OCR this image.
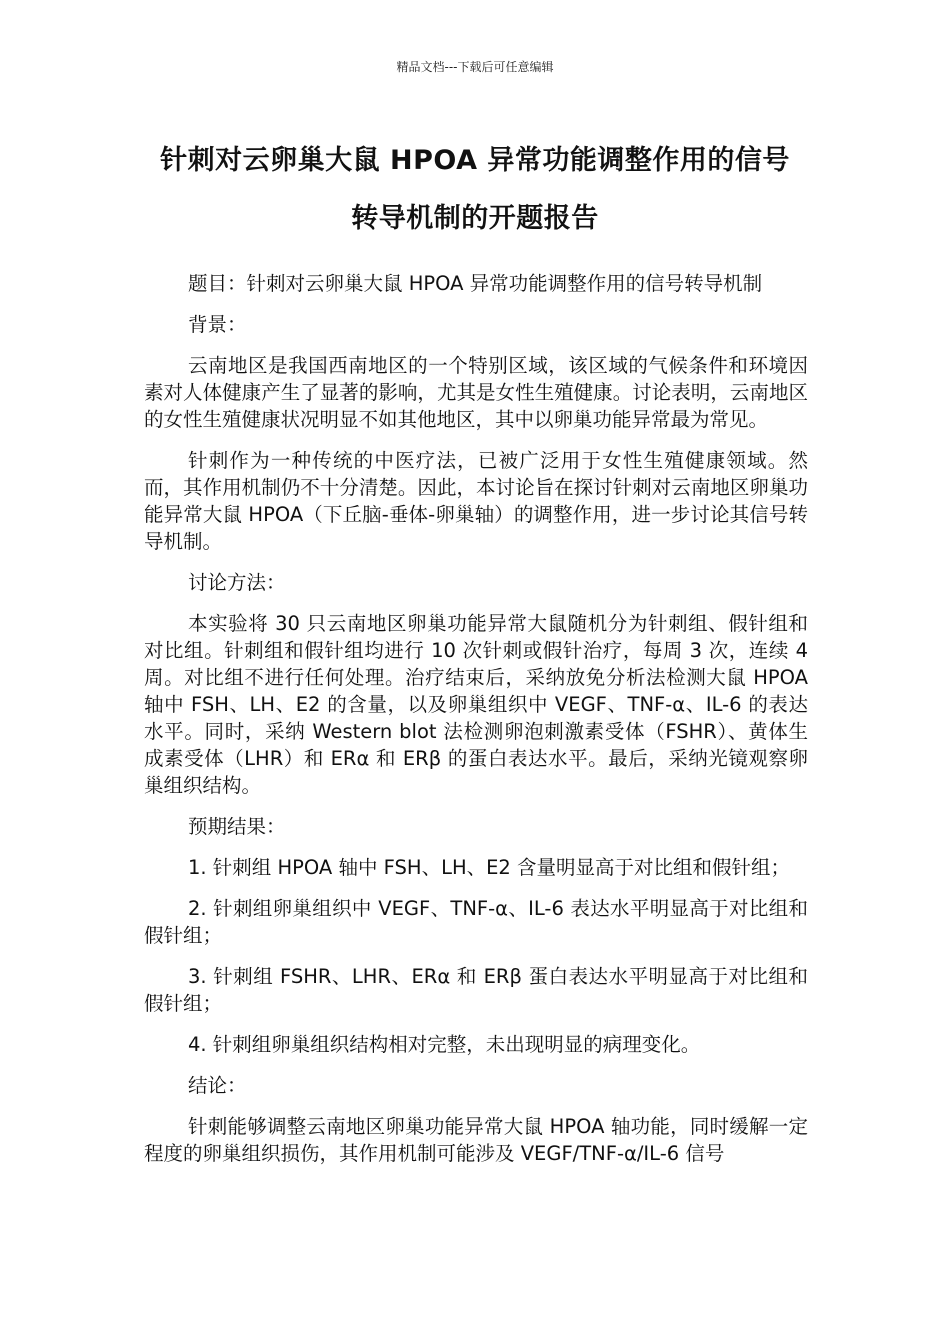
精品文档---下载后可任意编辑
针刺对云卵巢大鼠 HPOA 异常功能调整作用的信号
转导机制的开题报告

题目：针刺对云卵巢大鼠 HPOA 异常功能调整作用的信号转导机制

背景：

云南地区是我国西南地区的一个特别区域，该区域的气候条件和环境因素对人体健康产生了显著的影响，尤其是女性生殖健康。讨论表明，云南地区的女性生殖健康状况明显不如其他地区，其中以卵巢功能异常最为常见。

针刺作为一种传统的中医疗法，已被广泛用于女性生殖健康领域。然而，其作用机制仍不十分清楚。因此，本讨论旨在探讨针刺对云南地区卵巢功能异常大鼠 HPOA（下丘脑-垂体-卵巢轴）的调整作用，进一步讨论其信号转导机制。

讨论方法：

本实验将 30 只云南地区卵巢功能异常大鼠随机分为针刺组、假针组和对比组。针刺组和假针组均进行 10 次针刺或假针治疗，每周 3 次，连续 4 周。对比组不进行任何处理。治疗结束后，采纳放免分析法检测大鼠 HPOA 轴中 FSH、LH、E2 的含量，以及卵巢组织中 VEGF、TNF-α、IL-6 的表达水平。同时，采纳 Western blot 法检测卵泡刺激素受体（FSHR）、黄体生成素受体（LHR）和 ERα 和 ERβ 的蛋白表达水平。最后，采纳光镜观察卵巢组织结构。

预期结果：

1. 针刺组 HPOA 轴中 FSH、LH、E2 含量明显高于对比组和假针组；

2. 针刺组卵巢组织中 VEGF、TNF-α、IL-6 表达水平明显高于对比组和假针组；

3. 针刺组 FSHR、LHR、ERα 和 ERβ 蛋白表达水平明显高于对比组和假针组；

4. 针刺组卵巢组织结构相对完整，未出现明显的病理变化。

结论：

针刺能够调整云南地区卵巢功能异常大鼠 HPOA 轴功能，同时缓解一定程度的卵巢组织损伤，其作用机制可能涉及 VEGF/TNF-α/IL-6 信号
